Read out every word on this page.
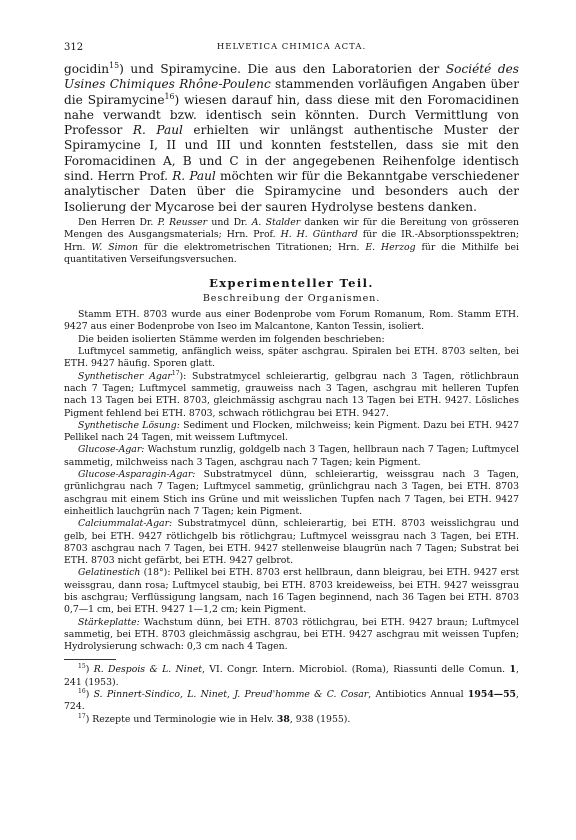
312	HELVETICA CHIMICA ACTA.

gocidin$^{15}$) und Spiramycine. Die aus den Laboratorien der Société des Usines Chimiques Rhône-Poulenc stammenden vorläufigen Angaben über die Spiramycine$^{16}$) wiesen darauf hin, dass diese mit den Foromacidinen nahe verwandt bzw. identisch sein könnten. Durch Vermittlung von Professor R. Paul erhielten wir unlängst authentische Muster der Spiramycine I, II und III und konnten feststellen, dass sie mit den Foromacidinen A, B und C in der angegebenen Reihenfolge identisch sind. Herrn Prof. R. Paul möchten wir für die Bekanntgabe verschiedener analytischer Daten über die Spiramycine und besonders auch der Isolierung der Mycarose bei der sauren Hydrolyse bestens danken.

Den Herren Dr. P. Reusser und Dr. A. Stalder danken wir für die Bereitung von grösseren Mengen des Ausgangsmaterials; Hrn. Prof. H. H. Günthard für die IR.-Absorptionsspektren; Hrn. W. Simon für die elektrometrischen Titrationen; Hrn. E. Herzog für die Mithilfe bei quantitativen Verseifungsversuchen.
Experimenteller Teil.
Beschreibung der Organismen.

Stamm ETH. 8703 wurde aus einer Bodenprobe vom Forum Romanum, Rom. Stamm ETH. 9427 aus einer Bodenprobe von Iseo im Malcantone, Kanton Tessin, isoliert.

Die beiden isolierten Stämme werden im folgenden beschrieben:

Luftmycel sammetig, anfänglich weiss, später aschgrau. Spiralen bei ETH. 8703 selten, bei ETH. 9427 häufig. Sporen glatt.

Synthetischer Agar$^{17}$): Substratmycel schleierartig, gelbgrau nach 3 Tagen, rötlichbraun nach 7 Tagen; Luftmycel sammetig, grauweiss nach 3 Tagen, aschgrau mit helleren Tupfen nach 13 Tagen bei ETH. 8703, gleichmässig aschgrau nach 13 Tagen bei ETH. 9427. Lösliches Pigment fehlend bei ETH. 8703, schwach rötlichgrau bei ETH. 9427.

Synthetische Lösung: Sediment und Flocken, milchweiss; kein Pigment. Dazu bei ETH. 9427 Pellikel nach 24 Tagen, mit weissem Luftmycel.

Glucose-Agar: Wachstum runzlig, goldgelb nach 3 Tagen, hellbraun nach 7 Tagen; Luftmycel sammetig, milchweiss nach 3 Tagen, aschgrau nach 7 Tagen; kein Pigment.

Glucose-Asparagin-Agar: Substratmycel dünn, schleierartig, weissgrau nach 3 Tagen, grünlichgrau nach 7 Tagen; Luftmycel sammetig, grünlichgrau nach 3 Tagen, bei ETH. 8703 aschgrau mit einem Stich ins Grüne und mit weisslichen Tupfen nach 7 Tagen, bei ETH. 9427 einheitlich lauchgrün nach 7 Tagen; kein Pigment.

Calciummalat-Agar: Substratmycel dünn, schleierartig, bei ETH. 8703 weisslichgrau und gelb, bei ETH. 9427 rötlichgelb bis rötlichgrau; Luftmycel weissgrau nach 3 Tagen, bei ETH. 8703 aschgrau nach 7 Tagen, bei ETH. 9427 stellenweise blaugrün nach 7 Tagen; Substrat bei ETH. 8703 nicht gefärbt, bei ETH. 9427 gelbrot.

Gelatinestich (18°): Pellikel bei ETH. 8703 erst hellbraun, dann bleigrau, bei ETH. 9427 erst weissgrau, dann rosa; Luftmycel staubig, bei ETH. 8703 kreideweiss, bei ETH. 9427 weissgrau bis aschgrau; Verflüssigung langsam, nach 16 Tagen beginnend, nach 36 Tagen bei ETH. 8703 0,7—1 cm, bei ETH. 9427 1—1,2 cm; kein Pigment.

Stärkeplatte: Wachstum dünn, bei ETH. 8703 rötlichgrau, bei ETH. 9427 braun; Luftmycel sammetig, bei ETH. 8703 gleichmässig aschgrau, bei ETH. 9427 aschgrau mit weissen Tupfen; Hydrolysierung schwach: 0,3 cm nach 4 Tagen.

$^{15}$) R. Despois & L. Ninet, VI. Congr. Intern. Microbiol. (Roma), Riassunti delle Comun. 1, 241 (1953).

$^{16}$) S. Pinnert-Sindico, L. Ninet, J. Preud'homme & C. Cosar, Antibiotics Annual 1954—55, 724.

$^{17}$) Rezepte und Terminologie wie in Helv. 38, 938 (1955).
